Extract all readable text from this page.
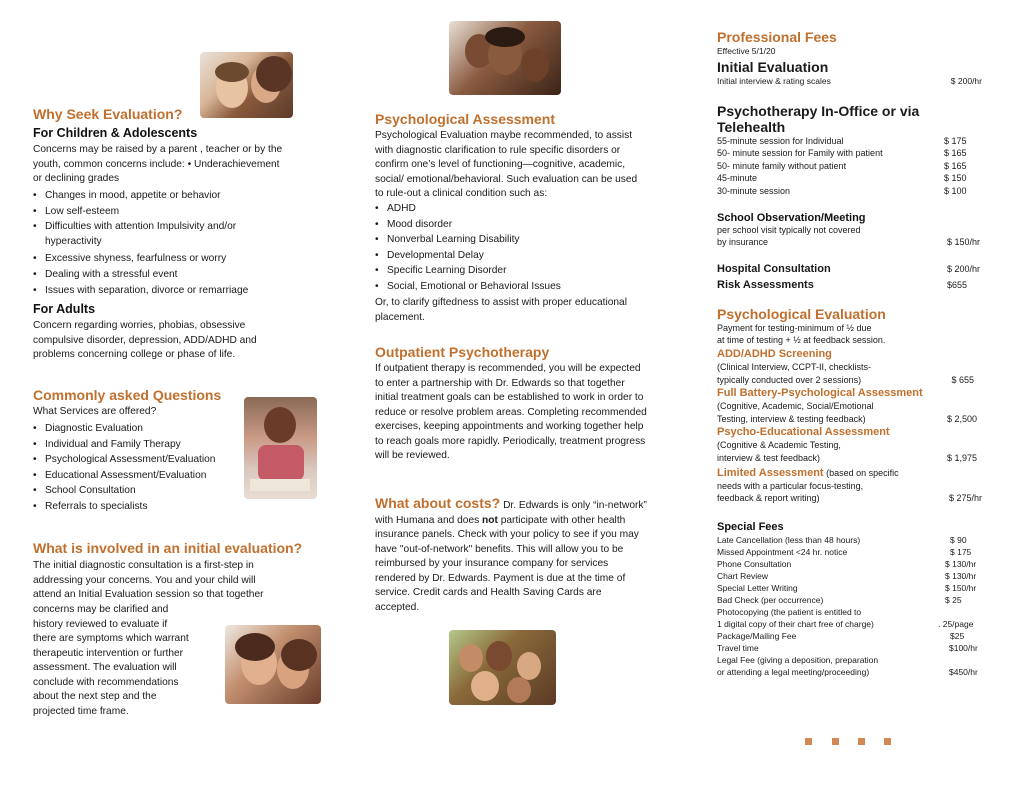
Why Seek Evaluation?
For Children & Adolescents
Concerns may be raised by a parent , teacher or by the youth, common concerns include: • Underachievement or declining grades
• Changes in mood, appetite or behavior
• Low self-esteem
• Difficulties with attention Impulsivity and/or hyperactivity
• Excessive shyness, fearfulness or worry
• Dealing with a stressful event
• Issues with separation, divorce or remarriage
For Adults
Concern regarding worries, phobias, obsessive compulsive disorder, depression, ADD/ADHD and problems concerning college or phase of life.
Commonly asked Questions
What Services are offered?
• Diagnostic Evaluation
• Individual and Family Therapy
• Psychological Assessment/Evaluation
• Educational Assessment/Evaluation
• School Consultation
• Referrals to specialists
What is involved in an initial evaluation?
The initial diagnostic consultation is a first-step in addressing your concerns. You and your child will attend an Initial Evaluation session so that together
concerns may be clarified and
history reviewed to evaluate if
there are symptoms which warrant
therapeutic intervention or further
assessment. The evaluation will
conclude with recommendations
about the next step and the
projected time frame.
Psychological Assessment
Psychological Evaluation maybe recommended, to assist with diagnostic clarification to rule specific disorders or confirm one’s level of functioning—cognitive, academic, social/ emotional/behavioral. Such evaluation can be used to rule-out a clinical condition such as:
• ADHD
• Mood disorder
• Nonverbal Learning Disability
• Developmental Delay
• Specific Learning Disorder
• Social, Emotional or Behavioral Issues
Or, to clarify giftedness to assist with proper educational placement.
Outpatient Psychotherapy
If outpatient therapy is recommended, you will be expected to enter a partnership with Dr. Edwards so that together initial treatment goals can be established to work in order to reduce or resolve problem areas. Completing recommended exercises, keeping appointments and working together help to reach goals more rapidly. Periodically, treatment progress will be reviewed.
What about costs? Dr. Edwards is only “in-network” with Humana and does not participate with other health insurance panels. Check with your policy to see if you may have "out-of-network" benefits. This will allow you to be reimbursed by your insurance company for services rendered by Dr. Edwards. Payment is due at the time of service. Credit cards and Health Saving Cards are accepted.
Professional Fees
Effective 5/1/20
Initial Evaluation
Initial interview & rating scales	$ 200/hr
Psychotherapy In-Office or via Telehealth
55-minute session for Individual	$ 175
50- minute session for Family with patient	$ 165
50- minute family without patient	$ 165
45-minute	$ 150
30-minute session	$ 100
School Observation/Meeting
per school visit typically not covered
by insurance	$ 150/hr
Hospital Consultation	$ 200/hr
Risk Assessments	$655
Psychological Evaluation
Payment for testing-minimum of ½ due
at time of testing + ½ at feedback session.
ADD/ADHD Screening
(Clinical Interview, CCPT-II, checklists-
typically conducted over 2 sessions)	$ 655
Full Battery-Psychological Assessment
(Cognitive, Academic, Social/Emotional
Testing, interview & testing feedback)	$ 2,500
Psycho-Educational Assessment
(Cognitive & Academic Testing,
interview & test feedback)	$ 1,975
Limited Assessment (based on specific
needs with a particular focus-testing,
feedback & report writing)	$ 275/hr
Special Fees
Late Cancellation (less than 48 hours)	$ 90
Missed Appointment <24 hr. notice	$ 175
Phone Consultation	$ 130/hr
Chart Review	$ 130/hr
Special Letter Writing	$ 150/hr
Bad Check (per occurrence)	$ 25
Photocopying (the patient is entitled to
1 digital copy of their chart free of charge)	. 25/page
Package/Mailing Fee	$25
Travel time	$100/hr
Legal Fee (giving a deposition, preparation
or attending a legal meeting/proceeding)	$450/hr
